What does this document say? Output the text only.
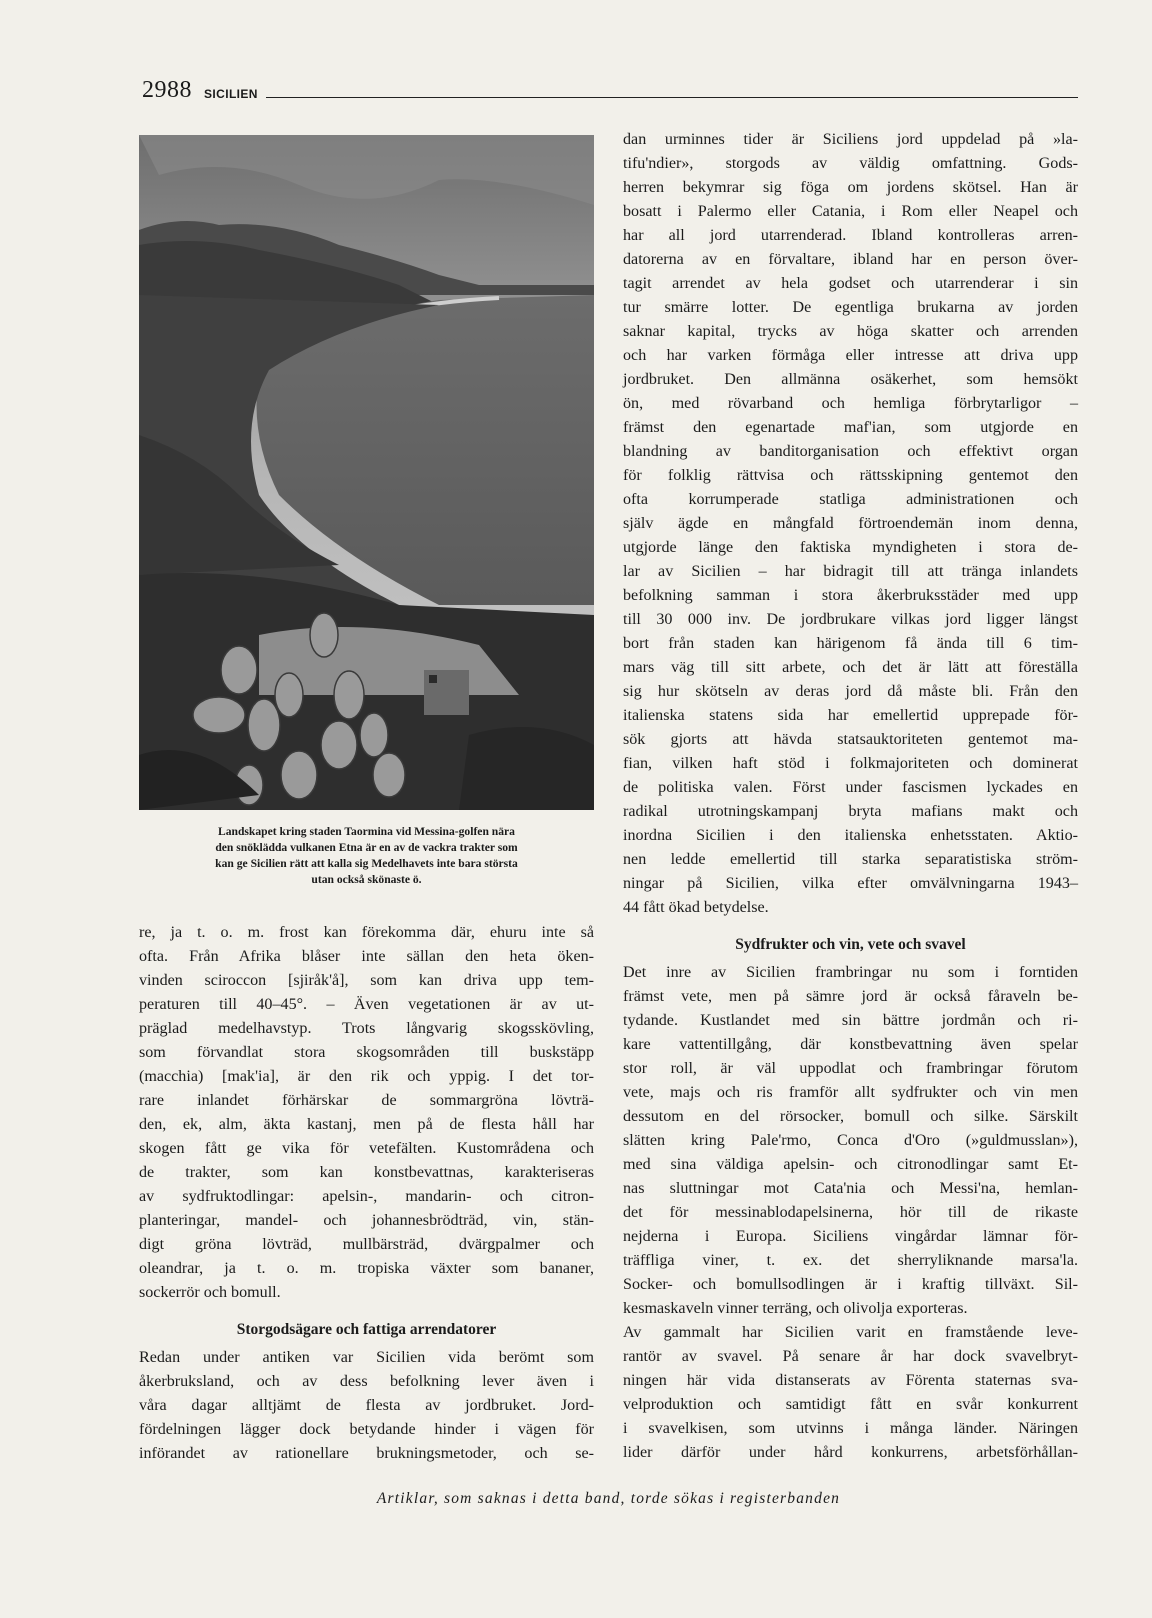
2988 SICILIEN
Landskapet kring staden Taormina vid Messina-golfen nära
den snöklädda vulkanen Etna är en av de vackra trakter som
kan ge Sicilien rätt att kalla sig Medelhavets inte bara största
utan också skönaste ö.
re, ja t. o. m. frost kan förekomma där, ehuru inte så
ofta. Från Afrika blåser inte sällan den heta öken-
vinden sciroccon [sjiråk'å], som kan driva upp tem-
peraturen till 40–45°. – Även vegetationen är av ut-
präglad medelhavstyp. Trots långvarig skogsskövling,
som förvandlat stora skogsområden till buskstäpp
(macchia) [mak'ia], är den rik och yppig. I det tor-
rare inlandet förhärskar de sommargröna lövträ-
den, ek, alm, äkta kastanj, men på de flesta håll har
skogen fått ge vika för vetefälten. Kustområdena och
de trakter, som kan konstbevattnas, karakteriseras
av sydfruktodlingar: apelsin-, mandarin- och citron-
planteringar, mandel- och johannesbrödträd, vin, stän-
digt gröna lövträd, mullbärsträd, dvärgpalmer och
oleandrar, ja t. o. m. tropiska växter som bananer,
sockerrör och bomull.
Storgodsägare och fattiga arrendatorer
Redan under antiken var Sicilien vida berömt som
åkerbruksland, och av dess befolkning lever även i
våra dagar alltjämt de flesta av jordbruket. Jord-
fördelningen lägger dock betydande hinder i vägen för
införandet av rationellare brukningsmetoder, och se-
dan urminnes tider är Siciliens jord uppdelad på »la-
tifu'ndier», storgods av väldig omfattning. Gods-
herren bekymrar sig föga om jordens skötsel. Han är
bosatt i Palermo eller Catania, i Rom eller Neapel och
har all jord utarrenderad. Ibland kontrolleras arren-
datorerna av en förvaltare, ibland har en person över-
tagit arrendet av hela godset och utarrenderar i sin
tur smärre lotter. De egentliga brukarna av jorden
saknar kapital, trycks av höga skatter och arrenden
och har varken förmåga eller intresse att driva upp
jordbruket. Den allmänna osäkerhet, som hemsökt
ön, med rövarband och hemliga förbrytarligor –
främst den egenartade maf'ian, som utgjorde en
blandning av banditorganisation och effektivt organ
för folklig rättvisa och rättsskipning gentemot den
ofta korrumperade statliga administrationen och
själv ägde en mångfald förtroendemän inom denna,
utgjorde länge den faktiska myndigheten i stora de-
lar av Sicilien – har bidragit till att tränga inlandets
befolkning samman i stora åkerbruksstäder med upp
till 30 000 inv. De jordbrukare vilkas jord ligger längst
bort från staden kan härigenom få ända till 6 tim-
mars väg till sitt arbete, och det är lätt att föreställa
sig hur skötseln av deras jord då måste bli. Från den
italienska statens sida har emellertid upprepade för-
sök gjorts att hävda statsauktoriteten gentemot ma-
fian, vilken haft stöd i folkmajoriteten och dominerat
de politiska valen. Först under fascismen lyckades en
radikal utrotningskampanj bryta mafians makt och
inordna Sicilien i den italienska enhetsstaten. Aktio-
nen ledde emellertid till starka separatistiska ström-
ningar på Sicilien, vilka efter omvälvningarna 1943–
44 fått ökad betydelse.
Sydfrukter och vin, vete och svavel
Det inre av Sicilien frambringar nu som i forntiden
främst vete, men på sämre jord är också fåraveln be-
tydande. Kustlandet med sin bättre jordmån och ri-
kare vattentillgång, där konstbevattning även spelar
stor roll, är väl uppodlat och frambringar förutom
vete, majs och ris framför allt sydfrukter och vin men
dessutom en del rörsocker, bomull och silke. Särskilt
slätten kring Pale'rmo, Conca d'Oro (»guldmusslan»),
med sina väldiga apelsin- och citronodlingar samt Et-
nas sluttningar mot Cata'nia och Messi'na, hemlan-
det för messinablodapelsinerna, hör till de rikaste
nejderna i Europa. Siciliens vingårdar lämnar för-
träffliga viner, t. ex. det sherryliknande marsa'la.
Socker- och bomullsodlingen är i kraftig tillväxt. Sil-
kesmaskaveln vinner terräng, och olivolja exporteras.
Av gammalt har Sicilien varit en framstående leve-
rantör av svavel. På senare år har dock svavelbryt-
ningen här vida distanserats av Förenta staternas sva-
velproduktion och samtidigt fått en svår konkurrent
i svavelkisen, som utvinns i många länder. Näringen
lider därför under hård konkurrens, arbetsförhållan-
Artiklar, som saknas i detta band, torde sökas i registerbanden
